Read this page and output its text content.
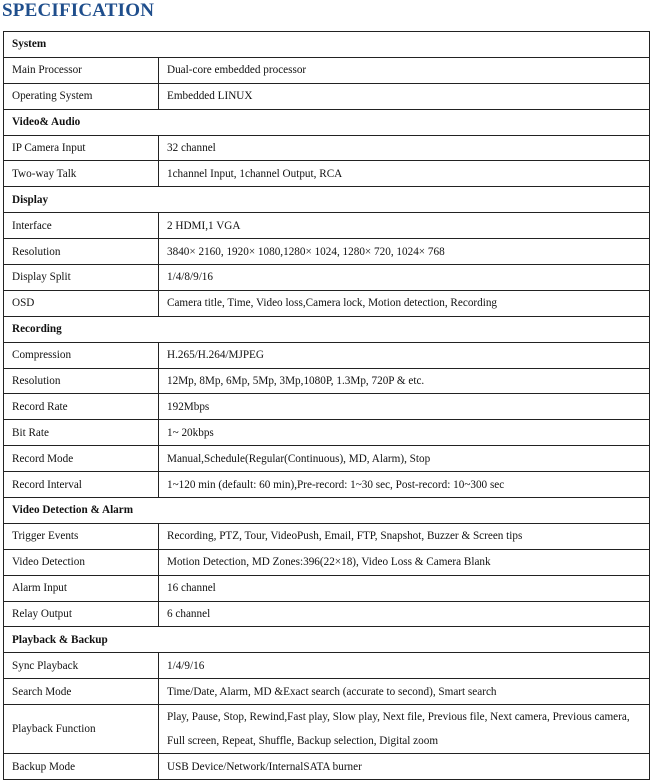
SPECIFICATION
System	
Main Processor	Dual-core embedded processor
Operating System	Embedded LINUX
Video& Audio	
IP Camera Input	32 channel
Two-way Talk	1channel Input, 1channel Output, RCA
Display	
Interface	2 HDMI,1 VGA
Resolution	3840× 2160, 1920× 1080,1280× 1024, 1280× 720, 1024× 768
Display Split	1/4/8/9/16
OSD	Camera title, Time, Video loss,Camera lock, Motion detection, Recording
Recording	
Compression	H.265/H.264/MJPEG
Resolution	12Mp, 8Mp, 6Mp, 5Mp, 3Mp,1080P, 1.3Mp, 720P & etc.
Record Rate	192Mbps
Bit Rate	1~ 20kbps
Record Mode	Manual,Schedule(Regular(Continuous), MD, Alarm), Stop
Record Interval	1~120 min (default: 60 min),Pre-record: 1~30 sec, Post-record: 10~300 sec
Video Detection & Alarm	
Trigger Events	Recording, PTZ, Tour, VideoPush, Email, FTP, Snapshot, Buzzer & Screen tips
Video Detection	Motion Detection, MD Zones:396(22×18), Video Loss & Camera Blank
Alarm Input	16 channel
Relay Output	6 channel
Playback & Backup	
Sync Playback	1/4/9/16
Search Mode	Time/Date, Alarm, MD &Exact search (accurate to second), Smart search
Playback Function	Play, Pause, Stop, Rewind,Fast play, Slow play, Next file, Previous file, Next camera, Previous camera, Full screen, Repeat, Shuffle, Backup selection, Digital zoom
Backup Mode	USB Device/Network/InternalSATA burner
